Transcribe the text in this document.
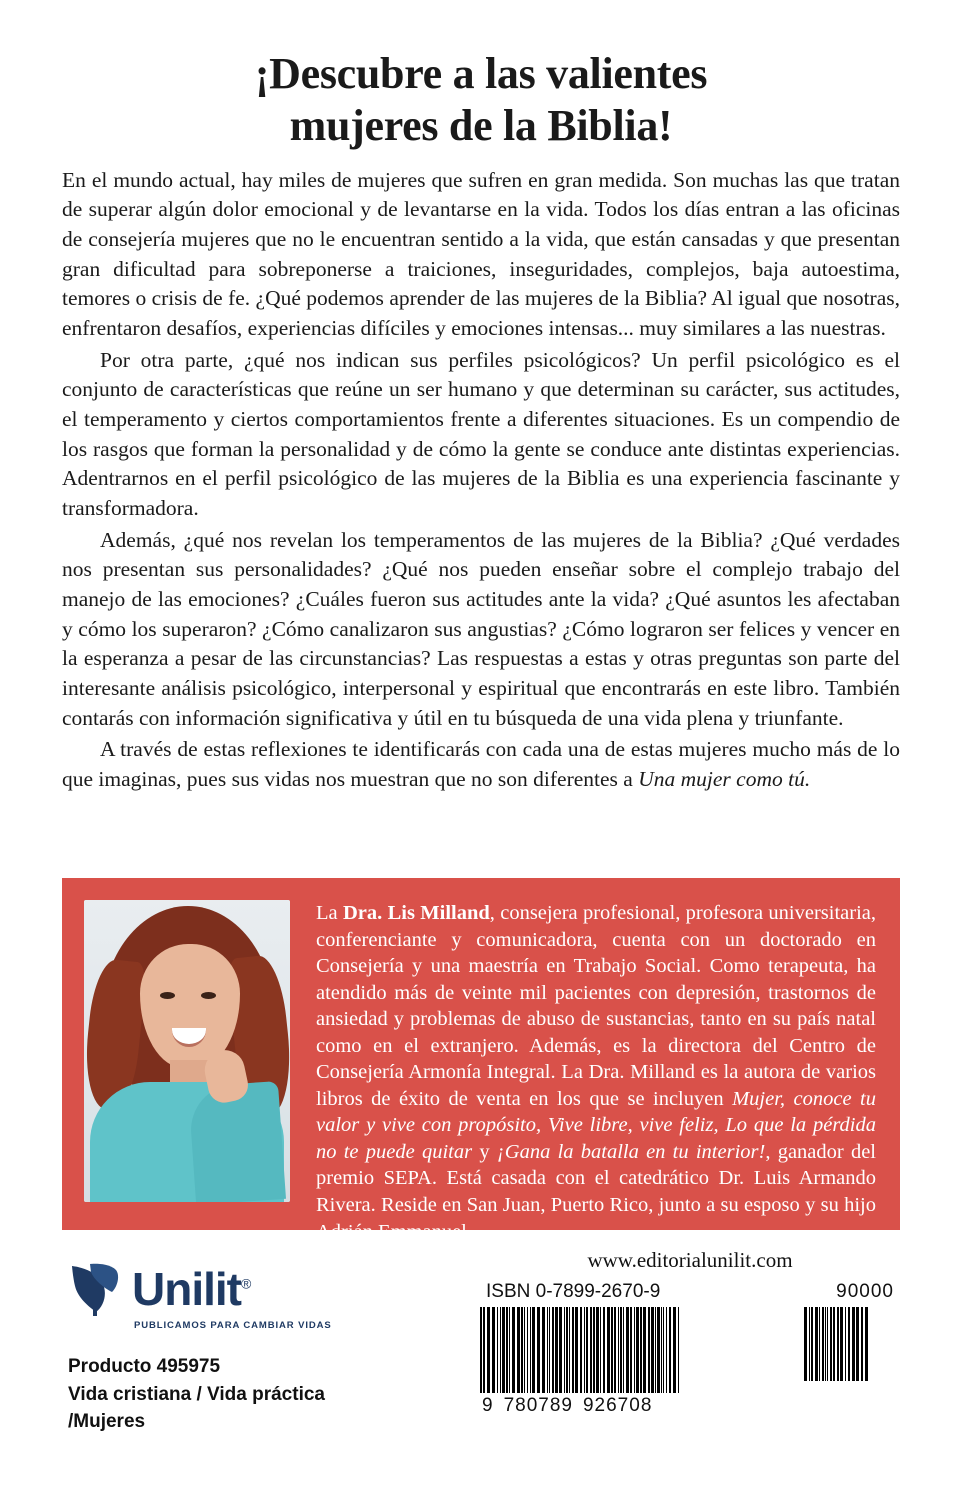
¡Descubre a las valientes
mujeres de la Biblia!

En el mundo actual, hay miles de mujeres que sufren en gran medida. Son muchas las que tratan de superar algún dolor emocional y de levantarse en la vida. Todos los días entran a las oficinas de consejería mujeres que no le encuentran sentido a la vida, que están cansadas y que presentan gran dificultad para sobreponerse a traiciones, inseguridades, complejos, baja autoestima, temores o crisis de fe. ¿Qué podemos aprender de las mujeres de la Biblia? Al igual que nosotras, enfrentaron desafíos, experiencias difíciles y emociones intensas... muy similares a las nuestras.

Por otra parte, ¿qué nos indican sus perfiles psicológicos? Un perfil psicológico es el conjunto de características que reúne un ser humano y que determinan su carácter, sus actitudes, el temperamento y ciertos comportamientos frente a diferentes situaciones. Es un compendio de los rasgos que forman la personalidad y de cómo la gente se conduce ante distintas experiencias. Adentrarnos en el perfil psicológico de las mujeres de la Biblia es una experiencia fascinante y transformadora.

Además, ¿qué nos revelan los temperamentos de las mujeres de la Biblia? ¿Qué verdades nos presentan sus personalidades? ¿Qué nos pueden enseñar sobre el complejo trabajo del manejo de las emociones? ¿Cuáles fueron sus actitudes ante la vida? ¿Qué asuntos les afectaban y cómo los superaron? ¿Cómo canalizaron sus angustias? ¿Cómo lograron ser felices y vencer en la esperanza a pesar de las circunstancias? Las respuestas a estas y otras preguntas son parte del interesante análisis psicológico, interpersonal y espiritual que encontrarás en este libro. También contarás con información significativa y útil en tu búsqueda de una vida plena y triunfante.

A través de estas reflexiones te identificarás con cada una de estas mujeres mucho más de lo que imaginas, pues sus vidas nos muestran que no son diferentes a Una mujer como tú.

La Dra. Lis Milland, consejera profesional, profesora universitaria, conferenciante y comunicadora, cuenta con un doctorado en Consejería y una maestría en Trabajo Social. Como terapeuta, ha atendido más de veinte mil pacientes con depresión, trastornos de ansiedad y problemas de abuso de sustancias, tanto en su país natal como en el extranjero. Además, es la directora del Centro de Consejería Armonía Integral. La Dra. Milland es la autora de varios libros de éxito de venta en los que se incluyen Mujer, conoce tu valor y vive con propósito, Vive libre, vive feliz, Lo que la pérdida no te puede quitar y ¡Gana la batalla en tu interior!, ganador del premio SEPA. Está casada con el catedrático Dr. Luis Armando Rivera. Reside en San Juan, Puerto Rico, junto a su esposo y su hijo Adrián Emmanuel.
Unilit®
PUBLICAMOS PARA CAMBIAR VIDAS
Producto 495975
Vida cristiana / Vida práctica
/Mujeres
www.editorialunilit.com
ISBN 0-7899-2670-9	90000
9 780789 926708
